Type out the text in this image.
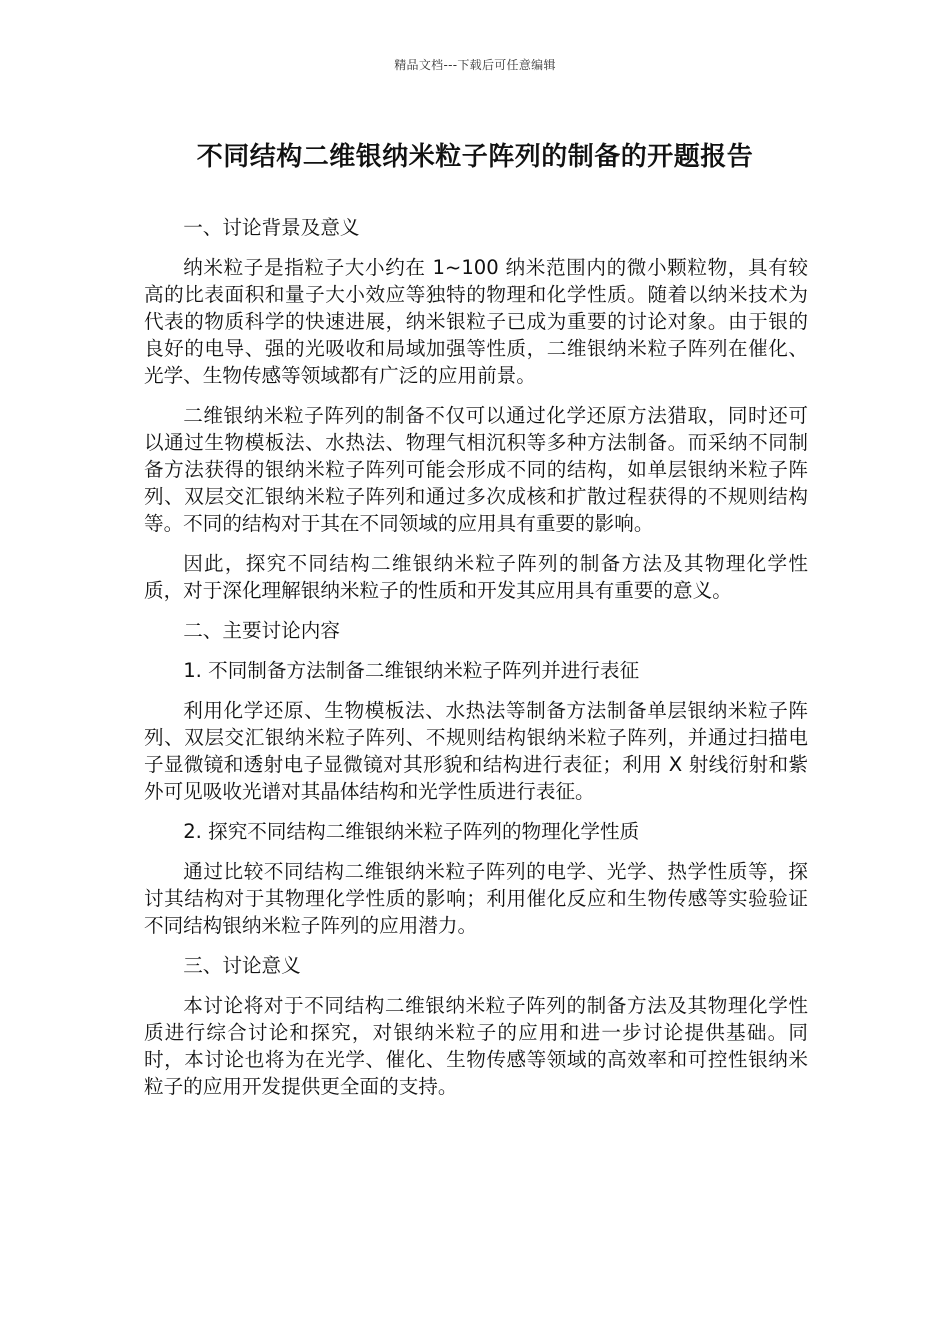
精品文档---下载后可任意编辑
不同结构二维银纳米粒子阵列的制备的开题报告

一、讨论背景及意义

纳米粒子是指粒子大小约在 1~100 纳米范围内的微小颗粒物，具有较高的比表面积和量子大小效应等独特的物理和化学性质。随着以纳米技术为代表的物质科学的快速进展，纳米银粒子已成为重要的讨论对象。由于银的良好的电导、强的光吸收和局域加强等性质，二维银纳米粒子阵列在催化、光学、生物传感等领域都有广泛的应用前景。

二维银纳米粒子阵列的制备不仅可以通过化学还原方法猎取，同时还可以通过生物模板法、水热法、物理气相沉积等多种方法制备。而采纳不同制备方法获得的银纳米粒子阵列可能会形成不同的结构，如单层银纳米粒子阵列、双层交汇银纳米粒子阵列和通过多次成核和扩散过程获得的不规则结构等。不同的结构对于其在不同领域的应用具有重要的影响。

因此，探究不同结构二维银纳米粒子阵列的制备方法及其物理化学性质，对于深化理解银纳米粒子的性质和开发其应用具有重要的意义。

二、主要讨论内容

1. 不同制备方法制备二维银纳米粒子阵列并进行表征

利用化学还原、生物模板法、水热法等制备方法制备单层银纳米粒子阵列、双层交汇银纳米粒子阵列、不规则结构银纳米粒子阵列，并通过扫描电子显微镜和透射电子显微镜对其形貌和结构进行表征；利用 X 射线衍射和紫外可见吸收光谱对其晶体结构和光学性质进行表征。

2. 探究不同结构二维银纳米粒子阵列的物理化学性质

通过比较不同结构二维银纳米粒子阵列的电学、光学、热学性质等，探讨其结构对于其物理化学性质的影响；利用催化反应和生物传感等实验验证不同结构银纳米粒子阵列的应用潜力。

三、讨论意义

本讨论将对于不同结构二维银纳米粒子阵列的制备方法及其物理化学性质进行综合讨论和探究，对银纳米粒子的应用和进一步讨论提供基础。同时，本讨论也将为在光学、催化、生物传感等领域的高效率和可控性银纳米粒子的应用开发提供更全面的支持。
